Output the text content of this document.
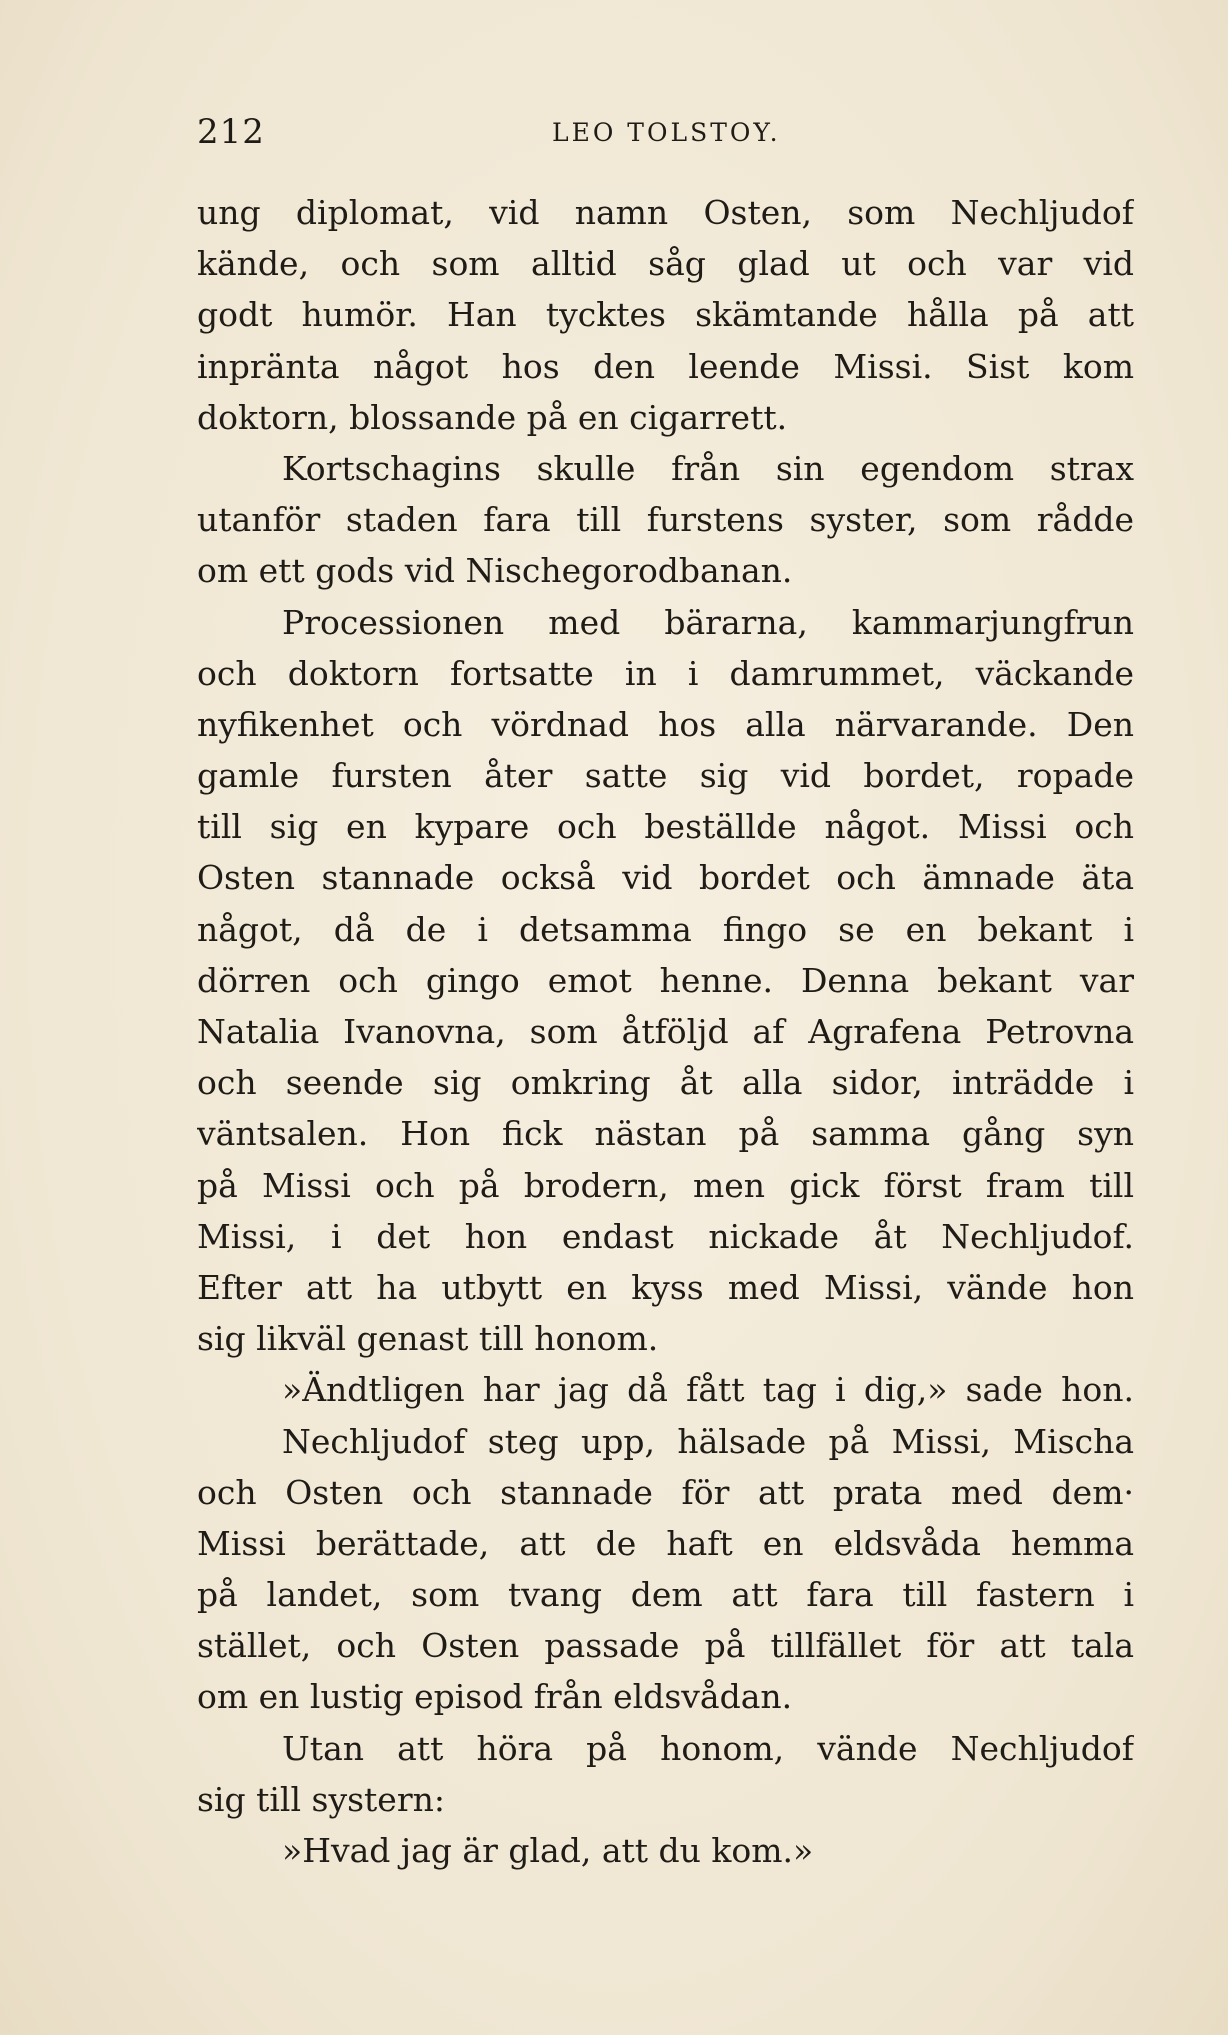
212	LEO TOLSTOY.
ung diplomat, vid namn Osten, som Nechljudof
kände, och som alltid såg glad ut och var vid
godt humör. Han tycktes skämtande hålla på att
inpränta något hos den leende Missi. Sist kom
doktorn, blossande på en cigarrett.
Kortschagins skulle från sin egendom strax
utanför staden fara till furstens syster, som rådde
om ett gods vid Nischegorodbanan.
Processionen med bärarna, kammarjungfrun
och doktorn fortsatte in i damrummet, väckande
nyfikenhet och vördnad hos alla närvarande. Den
gamle fursten åter satte sig vid bordet, ropade
till sig en kypare och beställde något. Missi och
Osten stannade också vid bordet och ämnade äta
något, då de i detsamma fingo se en bekant i
dörren och gingo emot henne. Denna bekant var
Natalia Ivanovna, som åtföljd af Agrafena Petrovna
och seende sig omkring åt alla sidor, inträdde i
väntsalen. Hon fick nästan på samma gång syn
på Missi och på brodern, men gick först fram till
Missi, i det hon endast nickade åt Nechljudof.
Efter att ha utbytt en kyss med Missi, vände hon
sig likväl genast till honom.
»Ändtligen har jag då fått tag i dig,» sade hon.
Nechljudof steg upp, hälsade på Missi, Mischa
och Osten och stannade för att prata med dem·
Missi berättade, att de haft en eldsvåda hemma
på landet, som tvang dem att fara till fastern i
stället, och Osten passade på tillfället för att tala
om en lustig episod från eldsvådan.
Utan att höra på honom, vände Nechljudof
sig till systern:
»Hvad jag är glad, att du kom.»
